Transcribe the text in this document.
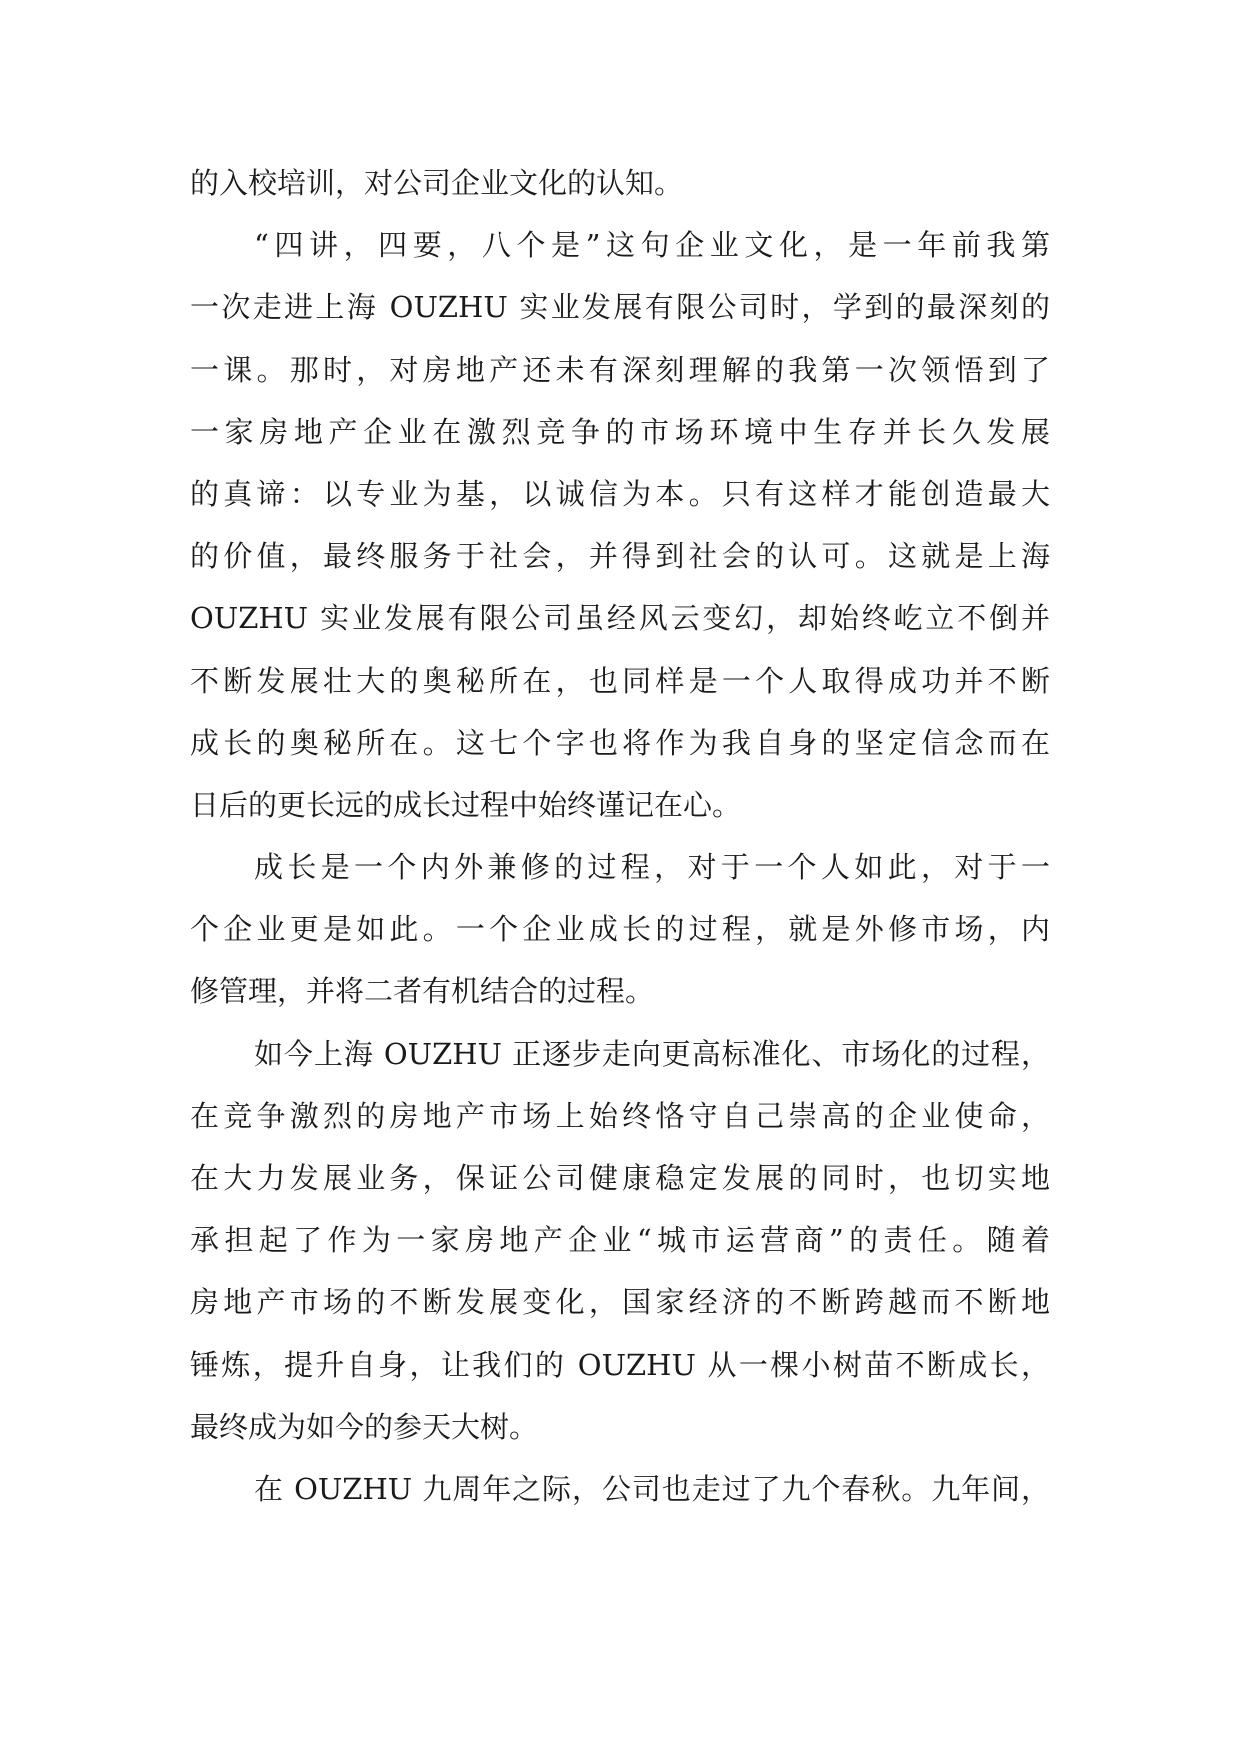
的入校培训，对公司企业文化的认知。
“四讲，四要，八个是”这句企业文化，是一年前我第
一次走进上海 OUZHU 实业发展有限公司时，学到的最深刻的
一课。那时，对房地产还未有深刻理解的我第一次领悟到了
一家房地产企业在激烈竞争的市场环境中生存并长久发展
的真谛：以专业为基，以诚信为本。只有这样才能创造最大
的价值，最终服务于社会，并得到社会的认可。这就是上海
OUZHU 实业发展有限公司虽经风云变幻，却始终屹立不倒并
不断发展壮大的奥秘所在，也同样是一个人取得成功并不断
成长的奥秘所在。这七个字也将作为我自身的坚定信念而在
日后的更长远的成长过程中始终谨记在心。
成长是一个内外兼修的过程，对于一个人如此，对于一
个企业更是如此。一个企业成长的过程，就是外修市场，内
修管理，并将二者有机结合的过程。
如今上海 OUZHU 正逐步走向更高标准化、市场化的过程，
在竞争激烈的房地产市场上始终恪守自己崇高的企业使命，
在大力发展业务，保证公司健康稳定发展的同时，也切实地
承担起了作为一家房地产企业“城市运营商”的责任。随着
房地产市场的不断发展变化，国家经济的不断跨越而不断地
锤炼，提升自身，让我们的 OUZHU 从一棵小树苗不断成长，
最终成为如今的参天大树。
在 OUZHU 九周年之际，公司也走过了九个春秋。九年间，
